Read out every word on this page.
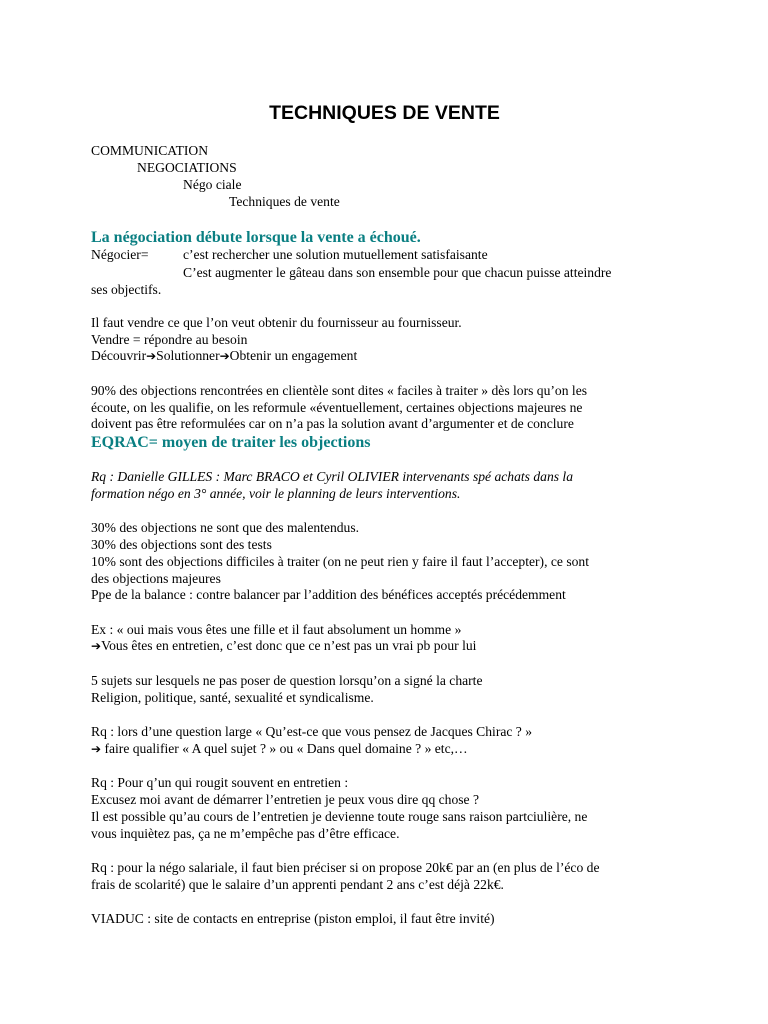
TECHNIQUES DE VENTE
COMMUNICATION
NEGOCIATIONS
Négo ciale
Techniques de vente
La négociation débute lorsque la vente a échoué.
Négocier=	c’est rechercher une solution mutuellement satisfaisante
C’est augmenter le gâteau dans son ensemble pour que chacun puisse atteindre
ses objectifs.
Il faut vendre ce que l’on veut obtenir du fournisseur au fournisseur.
Vendre = répondre au besoin
Découvrir➔Solutionner➔Obtenir un engagement
90% des objections rencontrées en clientèle sont dites « faciles à traiter » dès lors qu’on les
écoute, on les qualifie, on les reformule «éventuellement, certaines objections majeures ne
doivent pas être reformulées car on n’a pas la solution avant d’argumenter et de conclure
EQRAC= moyen de traiter les objections
Rq : Danielle GILLES : Marc BRACO et Cyril OLIVIER intervenants spé achats dans la
formation négo en 3° année, voir le planning de leurs interventions.
30% des objections ne sont que des malentendus.
30% des objections sont des tests
10% sont des objections difficiles à traiter (on ne peut rien y faire il faut l’accepter), ce sont
des objections majeures
Ppe de la balance : contre balancer par l’addition des bénéfices acceptés précédemment
Ex : « oui mais vous êtes une fille et il faut absolument un homme »
➔Vous êtes en entretien, c’est donc que ce n’est pas un vrai pb pour lui
5 sujets sur lesquels ne pas poser de question lorsqu’on a signé la charte
Religion, politique, santé, sexualité et syndicalisme.
Rq : lors d’une question large « Qu’est-ce que vous pensez de Jacques Chirac ? »
➔ faire qualifier « A quel sujet ? » ou « Dans quel domaine ? » etc,…
Rq : Pour q’un qui rougit souvent en entretien :
Excusez moi avant de démarrer l’entretien je peux vous dire qq chose ?
Il est possible qu’au cours de l’entretien je devienne toute rouge sans raison partciulière, ne
vous inquiètez pas, ça ne m’empêche pas d’être efficace.
Rq : pour la négo salariale, il faut bien préciser si on propose 20k€ par an (en plus de l’éco de
frais de scolarité) que le salaire d’un apprenti pendant 2 ans c’est déjà 22k€.
VIADUC : site de contacts en entreprise (piston emploi, il faut être invité)
